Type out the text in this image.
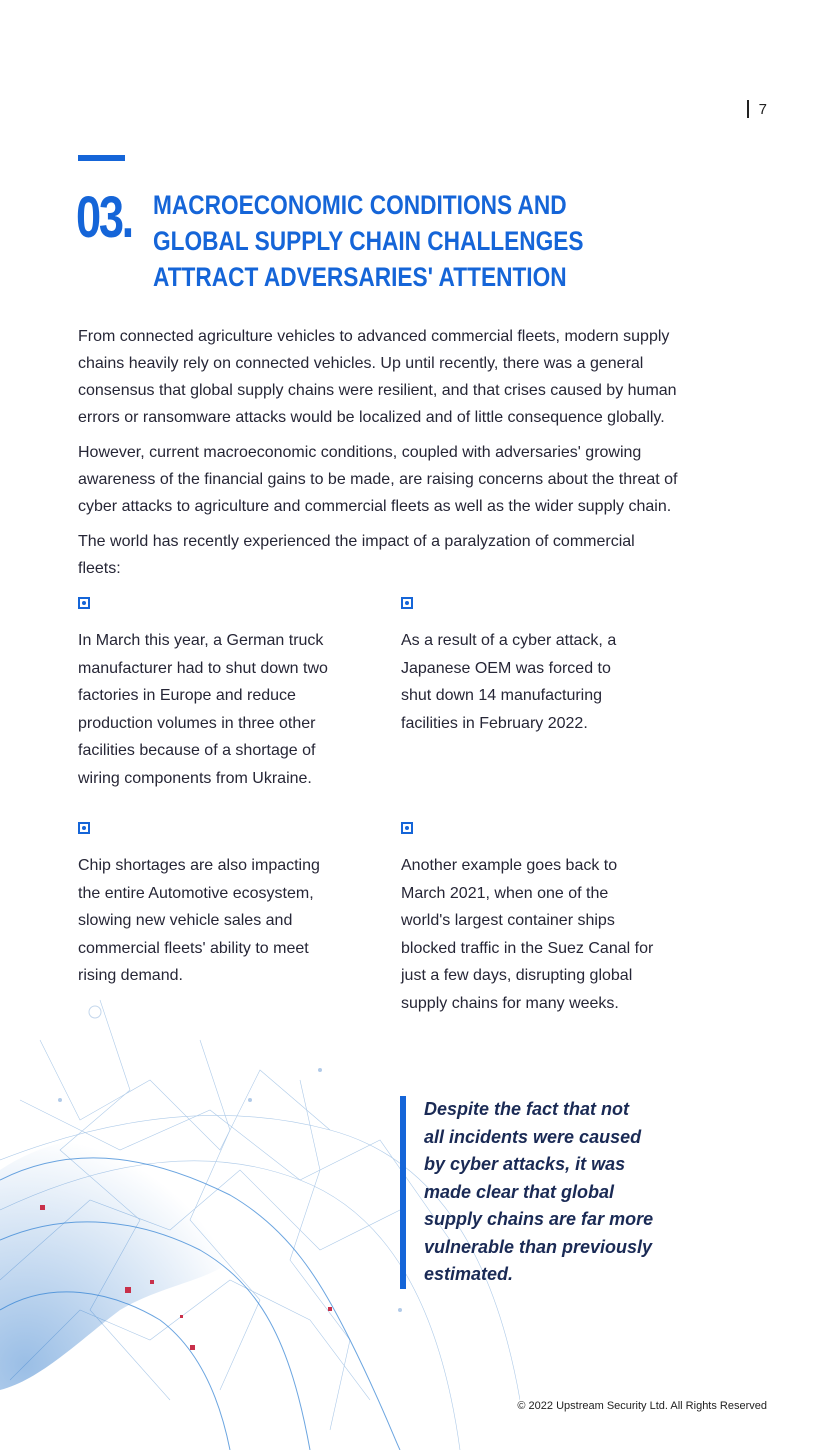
7
03. MACROECONOMIC CONDITIONS AND GLOBAL SUPPLY CHAIN CHALLENGES ATTRACT ADVERSARIES' ATTENTION

From connected agriculture vehicles to advanced commercial fleets, modern supply chains heavily rely on connected vehicles. Up until recently, there was a general consensus that global supply chains were resilient, and that crises caused by human errors or ransomware attacks would be localized and of little consequence globally.

However, current macroeconomic conditions, coupled with adversaries' growing awareness of the financial gains to be made, are raising concerns about the threat of cyber attacks to agriculture and commercial fleets as well as the wider supply chain.

The world has recently experienced the impact of a paralyzation of commercial fleets:

In March this year, a German truck manufacturer had to shut down two factories in Europe and reduce production volumes in three other facilities because of a shortage of wiring components from Ukraine.
As a result of a cyber attack, a Japanese OEM was forced to shut down 14 manufacturing facilities in February 2022.
Chip shortages are also impacting the entire Automotive ecosystem, slowing new vehicle sales and commercial fleets' ability to meet rising demand.
Another example goes back to March 2021, when one of the world's largest container ships blocked traffic in the Suez Canal for just a few days, disrupting global supply chains for many weeks.
Despite the fact that not all incidents were caused by cyber attacks, it was made clear that global supply chains are far more vulnerable than previously estimated.
© 2022 Upstream Security Ltd. All Rights Reserved
